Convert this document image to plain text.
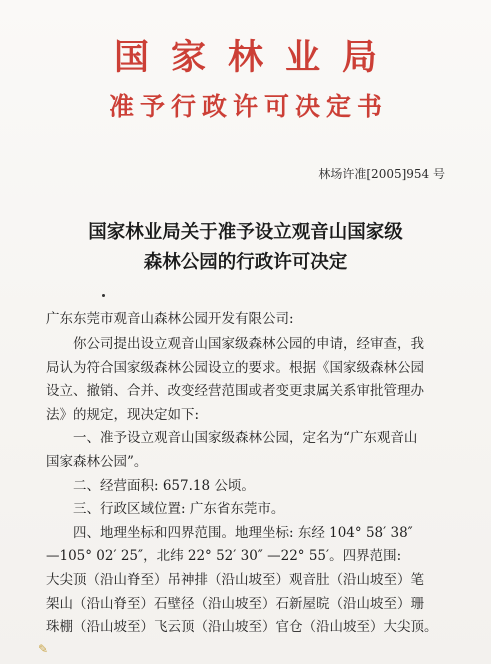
国家林业局
准予行政许可决定书
林场许准[2005]954 号
国家林业局关于准予设立观音山国家级
森林公园的行政许可决定
广东东莞市观音山森林公园开发有限公司:
你公司提出设立观音山国家级森林公园的申请，经审查，我
局认为符合国家级森林公园设立的要求。根据《国家级森林公园
设立、撤销、合并、改变经营范围或者变更隶属关系审批管理办
法》的规定，现决定如下:
一、准予设立观音山国家级森林公园，定名为“广东观音山
国家森林公园”。
二、经营面积: 657.18 公顷。
三、行政区域位置: 广东省东莞市。
四、地理坐标和四界范围。地理坐标: 东经 104° 58′ 38″
—105° 02′ 25″，北纬 22° 52′ 30″ —22° 55′。四界范围:
大尖顶（沿山脊至）吊神排（沿山坡至）观音肚（沿山坡至）笔
架山（沿山脊至）石壁径（沿山坡至）石新屋晥（沿山坡至）珊
珠棚（沿山坡至）飞云顶（沿山坡至）官仓（沿山坡至）大尖顶。
✎
